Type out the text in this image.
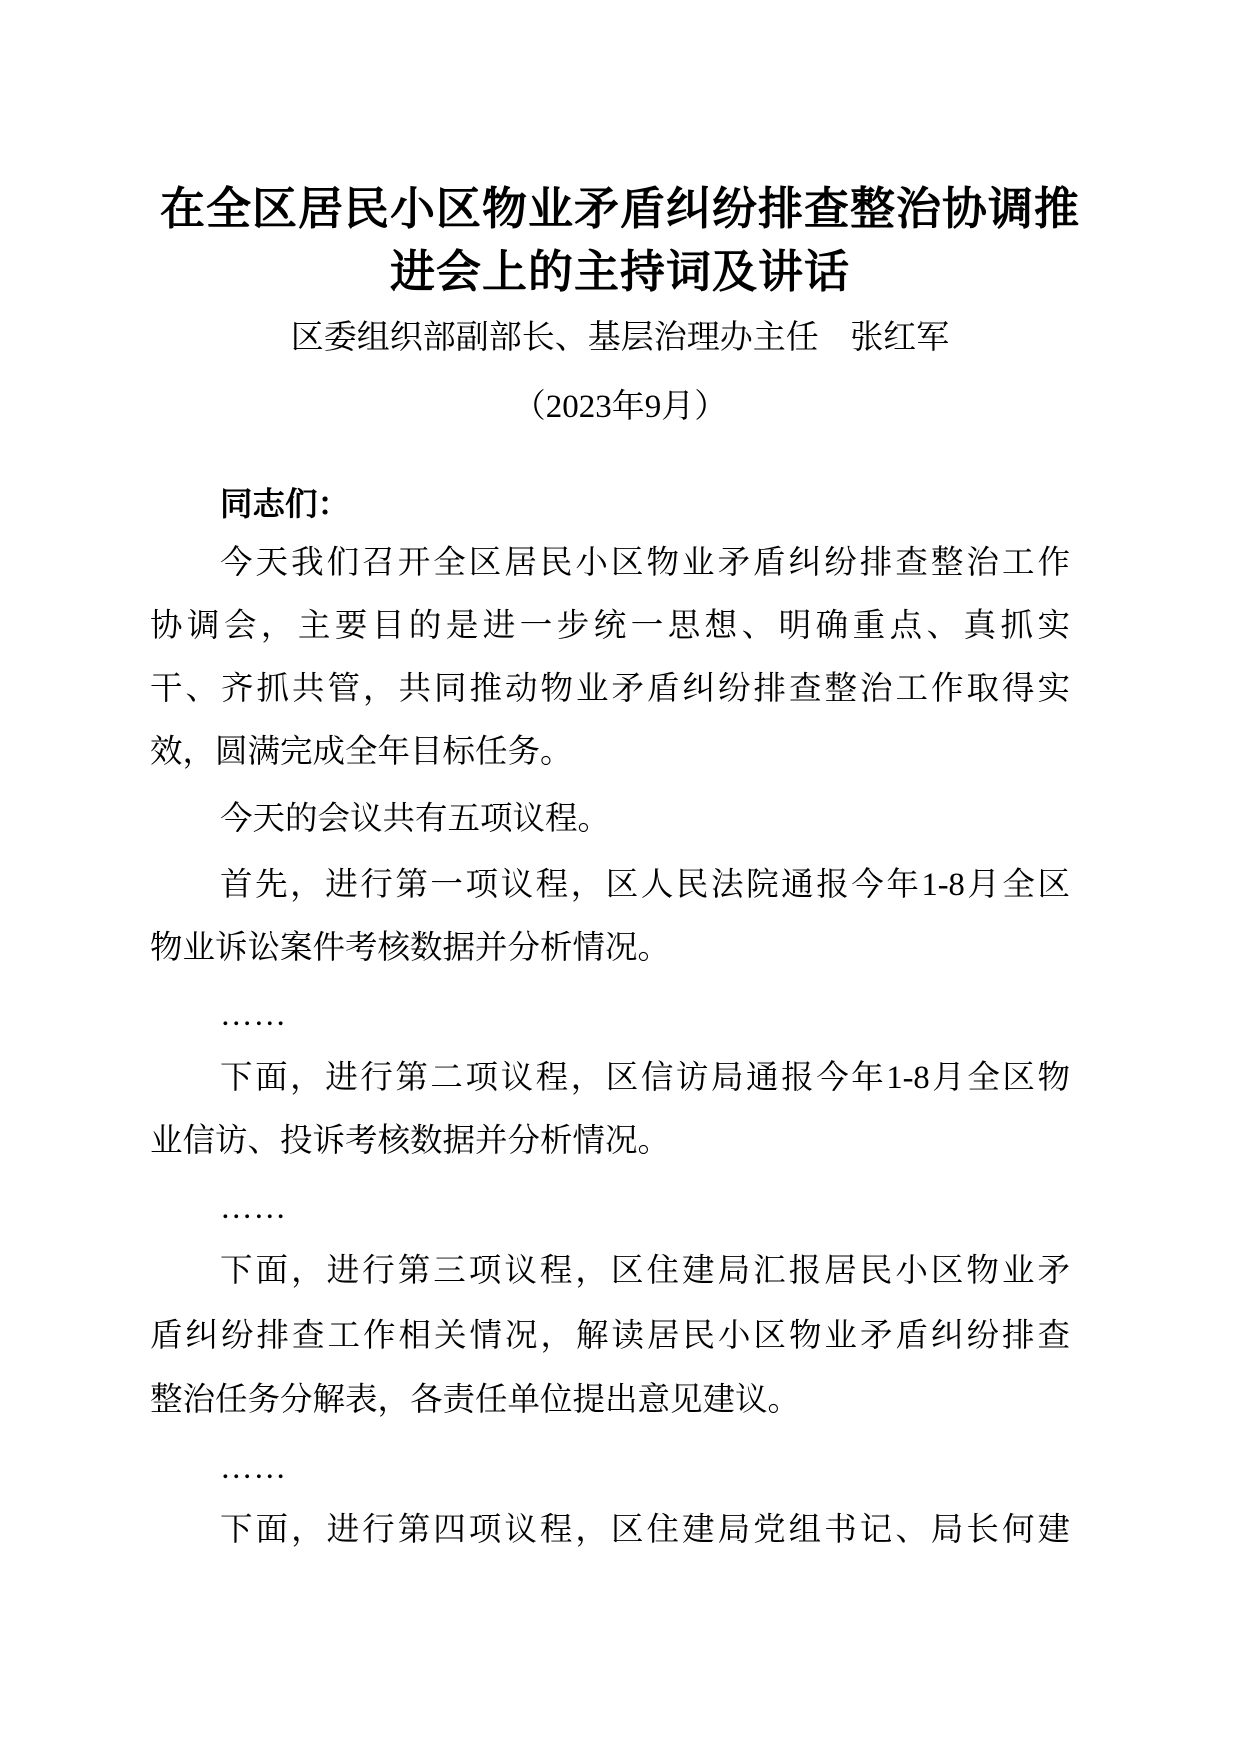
在全区居民小区物业矛盾纠纷排查整治协调推
进会上的主持词及讲话
区委组织部副部长、基层治理办主任   张红军
（2023年9月）
同志们：
今天我们召开全区居民小区物业矛盾纠纷排查整治工作
协调会，主要目的是进一步统一思想、明确重点、真抓实
干、齐抓共管，共同推动物业矛盾纠纷排查整治工作取得实
效，圆满完成全年目标任务。
今天的会议共有五项议程。
首先，进行第一项议程，区人民法院通报今年1-8月全区
物业诉讼案件考核数据并分析情况。
……
下面，进行第二项议程，区信访局通报今年1-8月全区物
业信访、投诉考核数据并分析情况。
……
下面，进行第三项议程，区住建局汇报居民小区物业矛
盾纠纷排查工作相关情况，解读居民小区物业矛盾纠纷排查
整治任务分解表，各责任单位提出意见建议。
……
下面，进行第四项议程，区住建局党组书记、局长何建
